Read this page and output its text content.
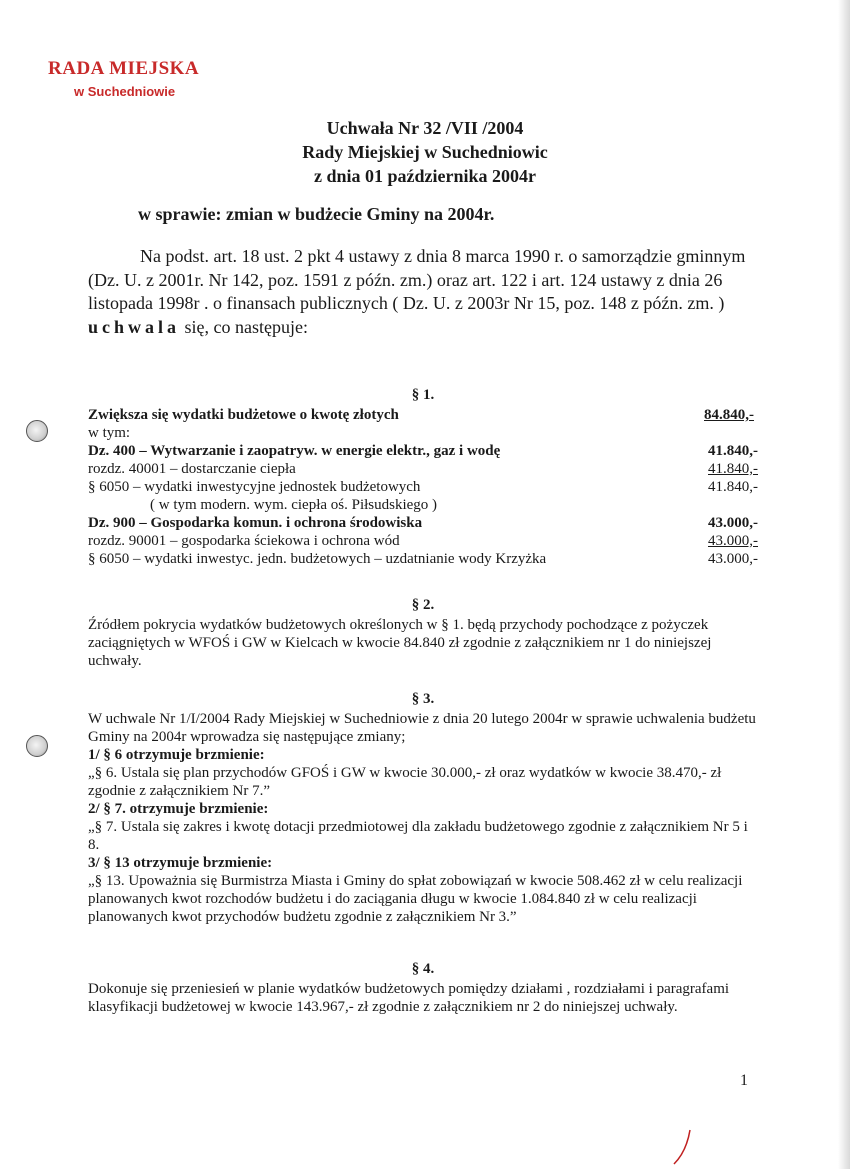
RADA MIEJSKA
w Suchedniowie
Uchwała Nr 32 /VII /2004
Rady Miejskiej w Suchedniowic
z dnia 01 października 2004r
w sprawie: zmian w budżecie Gminy na 2004r.

Na podst. art. 18 ust. 2 pkt 4 ustawy z dnia 8 marca 1990 r. o samorządzie gminnym (Dz. U. z 2001r. Nr 142, poz. 1591 z późn. zm.) oraz art. 122 i art. 124 ustawy z dnia 26 listopada 1998r . o finansach publicznych ( Dz. U. z 2003r Nr 15, poz. 148 z późn. zm. ) uchwala się, co następuje:

§ 1.
Zwiększa się wydatki budżetowe o kwotę złotych	84.840,-
w tym:
Dz. 400 – Wytwarzanie i zaopatryw. w energie elektr., gaz i wodę	41.840,-
rozdz. 40001 – dostarczanie ciepła	41.840,-
§ 6050 – wydatki inwestycyjne jednostek budżetowych	41.840,-
( w tym modern. wym. ciepła oś. Piłsudskiego )
Dz. 900 – Gospodarka komun. i ochrona środowiska	43.000,-
rozdz. 90001 – gospodarka ściekowa i ochrona wód	43.000,-
§ 6050 – wydatki inwestyc. jedn. budżetowych – uzdatnianie wody Krzyżka	43.000,-
§ 2.

Źródłem pokrycia wydatków budżetowych określonych w § 1. będą przychody pochodzące z pożyczek zaciągniętych w WFOŚ i GW w Kielcach w kwocie 84.840 zł zgodnie z załącznikiem nr 1 do niniejszej uchwały.

§ 3.

W uchwale Nr 1/I/2004 Rady Miejskiej w Suchedniowie z dnia 20 lutego 2004r w sprawie uchwalenia budżetu Gminy na 2004r wprowadza się następujące zmiany;

1/ § 6 otrzymuje brzmienie:

„§ 6. Ustala się plan przychodów GFOŚ i GW w kwocie 30.000,- zł oraz wydatków w kwocie 38.470,- zł zgodnie z załącznikiem Nr 7.”

2/ § 7. otrzymuje brzmienie:

„§ 7. Ustala się zakres i kwotę dotacji przedmiotowej dla zakładu budżetowego zgodnie z załącznikiem Nr 5 i 8.

3/ § 13 otrzymuje brzmienie:

„§ 13. Upoważnia się Burmistrza Miasta i Gminy do spłat zobowiązań w kwocie 508.462 zł w celu realizacji planowanych kwot rozchodów budżetu i do zaciągania długu w kwocie 1.084.840 zł w celu realizacji planowanych kwot przychodów budżetu zgodnie z załącznikiem Nr 3.”

§ 4.

Dokonuje się przeniesień w planie wydatków budżetowych pomiędzy działami , rozdziałami i paragrafami klasyfikacji budżetowej w kwocie 143.967,- zł zgodnie z załącznikiem nr 2 do niniejszej uchwały.

1
